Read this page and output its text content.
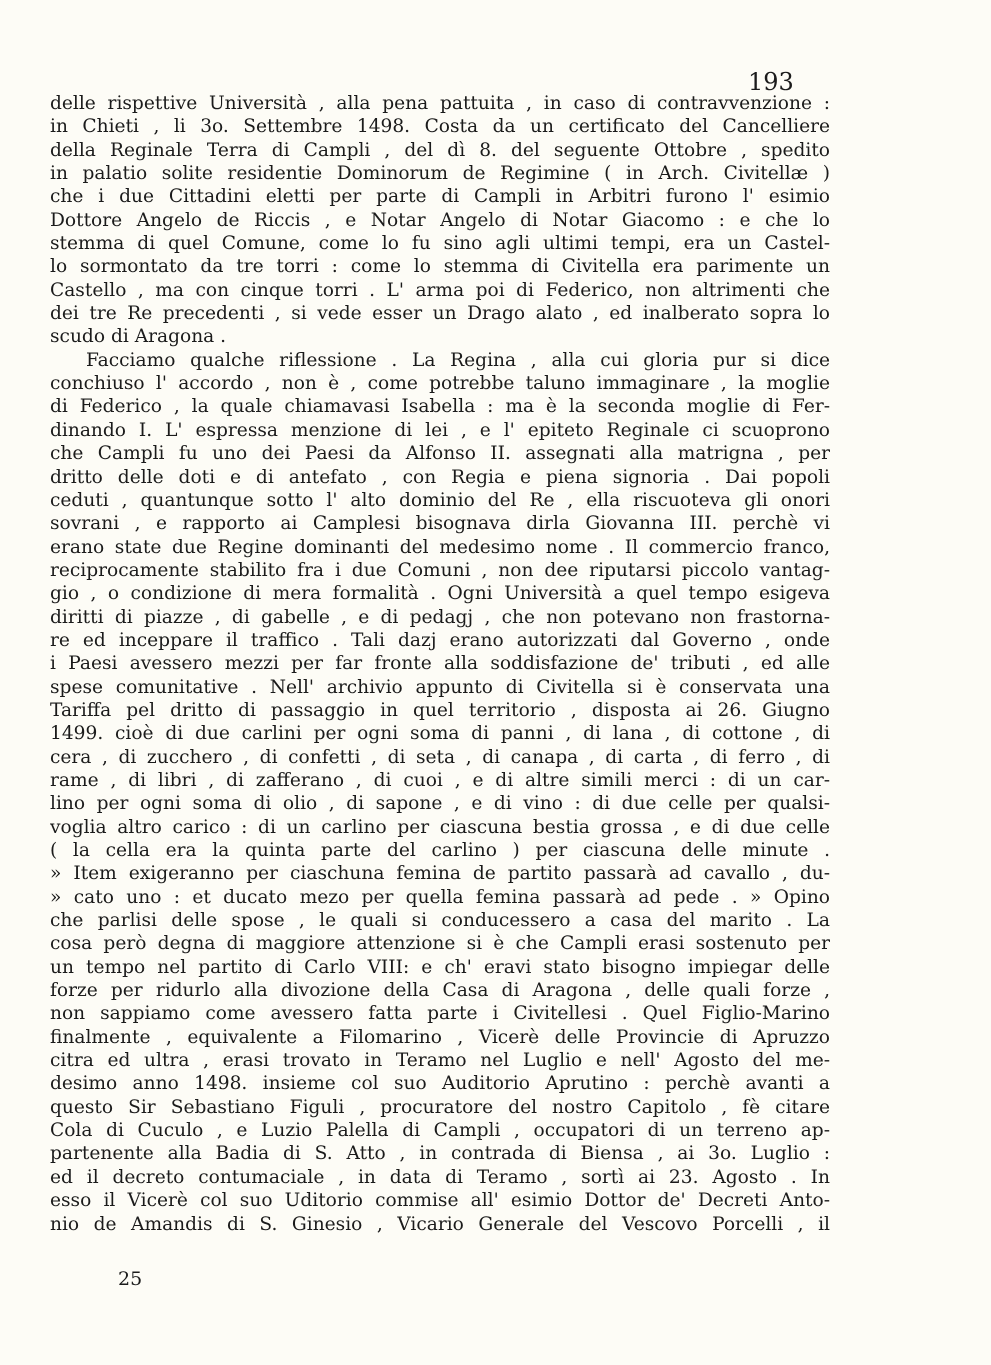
193
delle rispettive Università , alla pena pattuita , in caso di contravvenzione :
in Chieti , li 3o. Settembre 1498. Costa da un certificato del Cancelliere
della Reginale Terra di Campli , del dì 8. del seguente Ottobre , spedito
in palatio solite residentie Dominorum de Regimine ( in Arch. Civitellæ )
che i due Cittadini eletti per parte di Campli in Arbitri furono l' esimio
Dottore Angelo de Riccis , e Notar Angelo di Notar Giacomo : e che lo
stemma di quel Comune, come lo fu sino agli ultimi tempi, era un Castel-
lo sormontato da tre torri : come lo stemma di Civitella era parimente un
Castello , ma con cinque torri . L' arma poi di Federico, non altrimenti che
dei tre Re precedenti , si vede esser un Drago alato , ed inalberato sopra lo
scudo di Aragona .
Facciamo qualche riflessione . La Regina , alla cui gloria pur si dice
conchiuso l' accordo , non è , come potrebbe taluno immaginare , la moglie
di Federico , la quale chiamavasi Isabella : ma è la seconda moglie di Fer-
dinando I. L' espressa menzione di lei , e l' epiteto Reginale ci scuoprono
che Campli fu uno dei Paesi da Alfonso II. assegnati alla matrigna , per
dritto delle doti e di antefato , con Regia e piena signoria . Dai popoli
ceduti , quantunque sotto l' alto dominio del Re , ella riscuoteva gli onori
sovrani , e rapporto ai Camplesi bisognava dirla Giovanna III. perchè vi
erano state due Regine dominanti del medesimo nome . Il commercio franco,
reciprocamente stabilito fra i due Comuni , non dee riputarsi piccolo vantag-
gio , o condizione di mera formalità . Ogni Università a quel tempo esigeva
diritti di piazze , di gabelle , e di pedagj , che non potevano non frastorna-
re ed inceppare il traffico . Tali dazj erano autorizzati dal Governo , onde
i Paesi avessero mezzi per far fronte alla soddisfazione de' tributi , ed alle
spese comunitative . Nell' archivio appunto di Civitella si è conservata una
Tariffa pel dritto di passaggio in quel territorio , disposta ai 26. Giugno
1499. cioè di due carlini per ogni soma di panni , di lana , di cottone , di
cera , di zucchero , di confetti , di seta , di canapa , di carta , di ferro , di
rame , di libri , di zafferano , di cuoi , e di altre simili merci : di un car-
lino per ogni soma di olio , di sapone , e di vino : di due celle per qualsi-
voglia altro carico : di un carlino per ciascuna bestia grossa , e di due celle
( la cella era la quinta parte del carlino ) per ciascuna delle minute .
» Item exigeranno per ciaschuna femina de partito passarà ad cavallo , du-
» cato uno : et ducato mezo per quella femina passarà ad pede . » Opino
che parlisi delle spose , le quali si conducessero a casa del marito . La
cosa però degna di maggiore attenzione si è che Campli erasi sostenuto per
un tempo nel partito di Carlo VIII: e ch' eravi stato bisogno impiegar delle
forze per ridurlo alla divozione della Casa di Aragona , delle quali forze ,
non sappiamo come avessero fatta parte i Civitellesi . Quel Figlio-Marino
finalmente , equivalente a Filomarino , Vicerè delle Provincie di Apruzzo
citra ed ultra , erasi trovato in Teramo nel Luglio e nell' Agosto del me-
desimo anno 1498. insieme col suo Auditorio Aprutino : perchè avanti a
questo Sir Sebastiano Figuli , procuratore del nostro Capitolo , fè citare
Cola di Cuculo , e Luzio Palella di Campli , occupatori di un terreno ap-
partenente alla Badia di S. Atto , in contrada di Biensa , ai 3o. Luglio :
ed il decreto contumaciale , in data di Teramo , sortì ai 23. Agosto . In
esso il Vicerè col suo Uditorio commise all' esimio Dottor de' Decreti Anto-
nio de Amandis di S. Ginesio , Vicario Generale del Vescovo Porcelli , il
25
